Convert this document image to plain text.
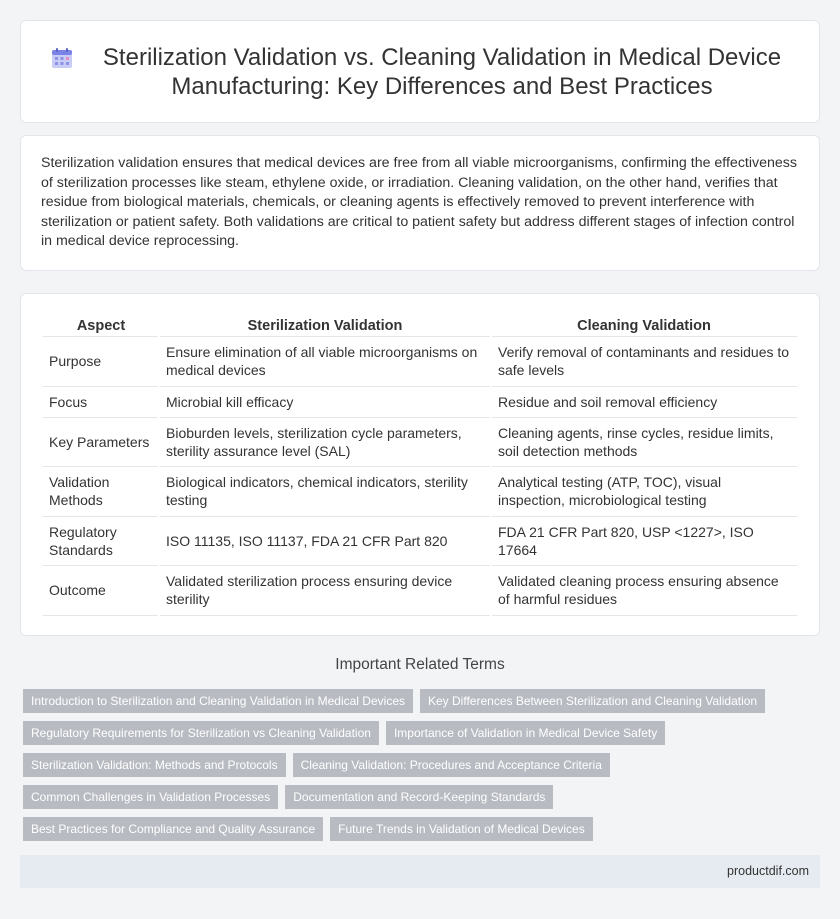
Sterilization Validation vs. Cleaning Validation in Medical Device Manufacturing: Key Differences and Best Practices

Sterilization validation ensures that medical devices are free from all viable microorganisms, confirming the effectiveness of sterilization processes like steam, ethylene oxide, or irradiation. Cleaning validation, on the other hand, verifies that residue from biological materials, chemicals, or cleaning agents is effectively removed to prevent interference with sterilization or patient safety. Both validations are critical to patient safety but address different stages of infection control in medical device reprocessing.

Aspect	Sterilization Validation	Cleaning Validation
Purpose	Ensure elimination of all viable microorganisms on medical devices	Verify removal of contaminants and residues to safe levels
Focus	Microbial kill efficacy	Residue and soil removal efficiency
Key Parameters	Bioburden levels, sterilization cycle parameters, sterility assurance level (SAL)	Cleaning agents, rinse cycles, residue limits, soil detection methods
Validation Methods	Biological indicators, chemical indicators, sterility testing	Analytical testing (ATP, TOC), visual inspection, microbiological testing
Regulatory Standards	ISO 11135, ISO 11137, FDA 21 CFR Part 820	FDA 21 CFR Part 820, USP <1227>, ISO 17664
Outcome	Validated sterilization process ensuring device sterility	Validated cleaning process ensuring absence of harmful residues
Important Related Terms
Introduction to Sterilization and Cleaning Validation in Medical Devices	Key Differences Between Sterilization and Cleaning Validation
Regulatory Requirements for Sterilization vs Cleaning Validation	Importance of Validation in Medical Device Safety
Sterilization Validation: Methods and Protocols	Cleaning Validation: Procedures and Acceptance Criteria
Common Challenges in Validation Processes	Documentation and Record-Keeping Standards
Best Practices for Compliance and Quality Assurance	Future Trends in Validation of Medical Devices
productdif.com
